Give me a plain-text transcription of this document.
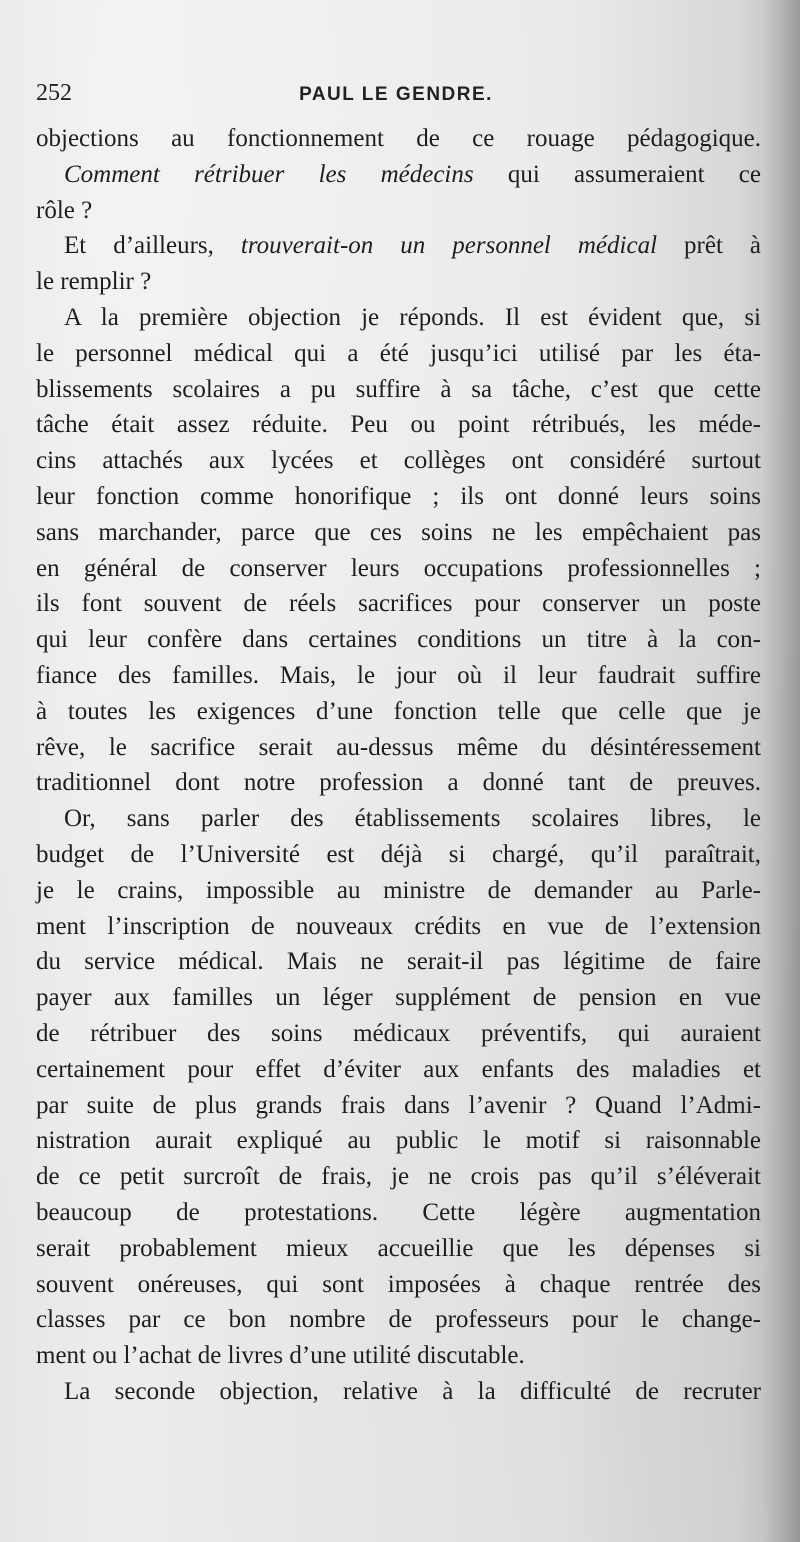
252	PAUL LE GENDRE.
objections au fonctionnement de ce rouage pédagogique.
Comment rétribuer les médecins qui assumeraient ce
rôle ?
Et d’ailleurs, trouverait-on un personnel médical prêt à
le remplir ?
A la première objection je réponds. Il est évident que, si
le personnel médical qui a été jusqu’ici utilisé par les éta-
blissements scolaires a pu suffire à sa tâche, c’est que cette
tâche était assez réduite. Peu ou point rétribués, les méde-
cins attachés aux lycées et collèges ont considéré surtout
leur fonction comme honorifique ; ils ont donné leurs soins
sans marchander, parce que ces soins ne les empêchaient pas
en général de conserver leurs occupations professionnelles ;
ils font souvent de réels sacrifices pour conserver un poste
qui leur confère dans certaines conditions un titre à la con-
fiance des familles. Mais, le jour où il leur faudrait suffire
à toutes les exigences d’une fonction telle que celle que je
rêve, le sacrifice serait au-dessus même du désintéressement
traditionnel dont notre profession a donné tant de preuves.
Or, sans parler des établissements scolaires libres, le
budget de l’Université est déjà si chargé, qu’il paraîtrait,
je le crains, impossible au ministre de demander au Parle-
ment l’inscription de nouveaux crédits en vue de l’extension
du service médical. Mais ne serait-il pas légitime de faire
payer aux familles un léger supplément de pension en vue
de rétribuer des soins médicaux préventifs, qui auraient
certainement pour effet d’éviter aux enfants des maladies et
par suite de plus grands frais dans l’avenir ? Quand l’Admi-
nistration aurait expliqué au public le motif si raisonnable
de ce petit surcroît de frais, je ne crois pas qu’il s’éléverait
beaucoup de protestations. Cette légère augmentation
serait probablement mieux accueillie que les dépenses si
souvent onéreuses, qui sont imposées à chaque rentrée des
classes par ce bon nombre de professeurs pour le change-
ment ou l’achat de livres d’une utilité discutable.
La seconde objection, relative à la difficulté de recruter
